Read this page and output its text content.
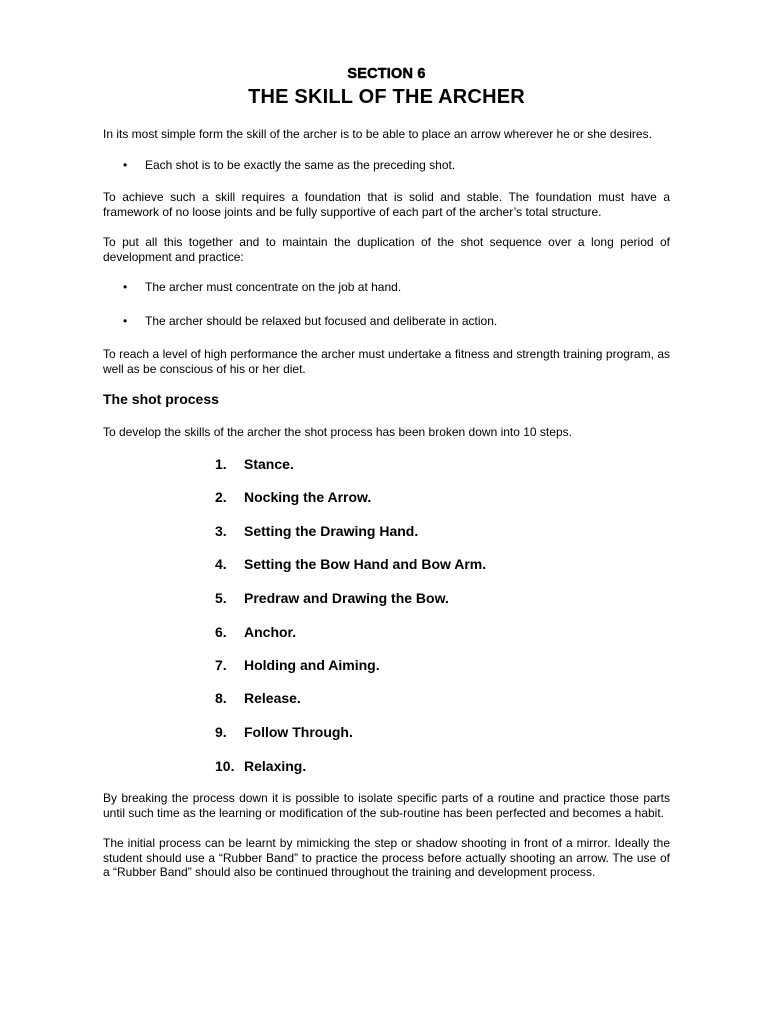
SECTION 6
THE SKILL OF THE ARCHER
In its most simple form the skill of the archer is to be able to place an arrow wherever he or she desires.
• Each shot is to be exactly the same as the preceding shot.
To achieve such a skill requires a foundation that is solid and stable. The foundation must have a framework of no loose joints and be fully supportive of each part of the archer’s total structure.
To put all this together and to maintain the duplication of the shot sequence over a long period of development and practice:
• The archer must concentrate on the job at hand.
• The archer should be relaxed but focused and deliberate in action.
To reach a level of high performance the archer must undertake a fitness and strength training program, as well as be conscious of his or her diet.
The shot process
To develop the skills of the archer the shot process has been broken down into 10 steps.
1. Stance.
2. Nocking the Arrow.
3. Setting the Drawing Hand.
4. Setting the Bow Hand and Bow Arm.
5. Predraw and Drawing the Bow.
6. Anchor.
7. Holding and Aiming.
8. Release.
9. Follow Through.
10. Relaxing.
By breaking the process down it is possible to isolate specific parts of a routine and practice those parts until such time as the learning or modification of the sub-routine has been perfected and becomes a habit.
The initial process can be learnt by mimicking the step or shadow shooting in front of a mirror. Ideally the student should use a “Rubber Band” to practice the process before actually shooting an arrow. The use of a “Rubber Band” should also be continued throughout the training and development process.
